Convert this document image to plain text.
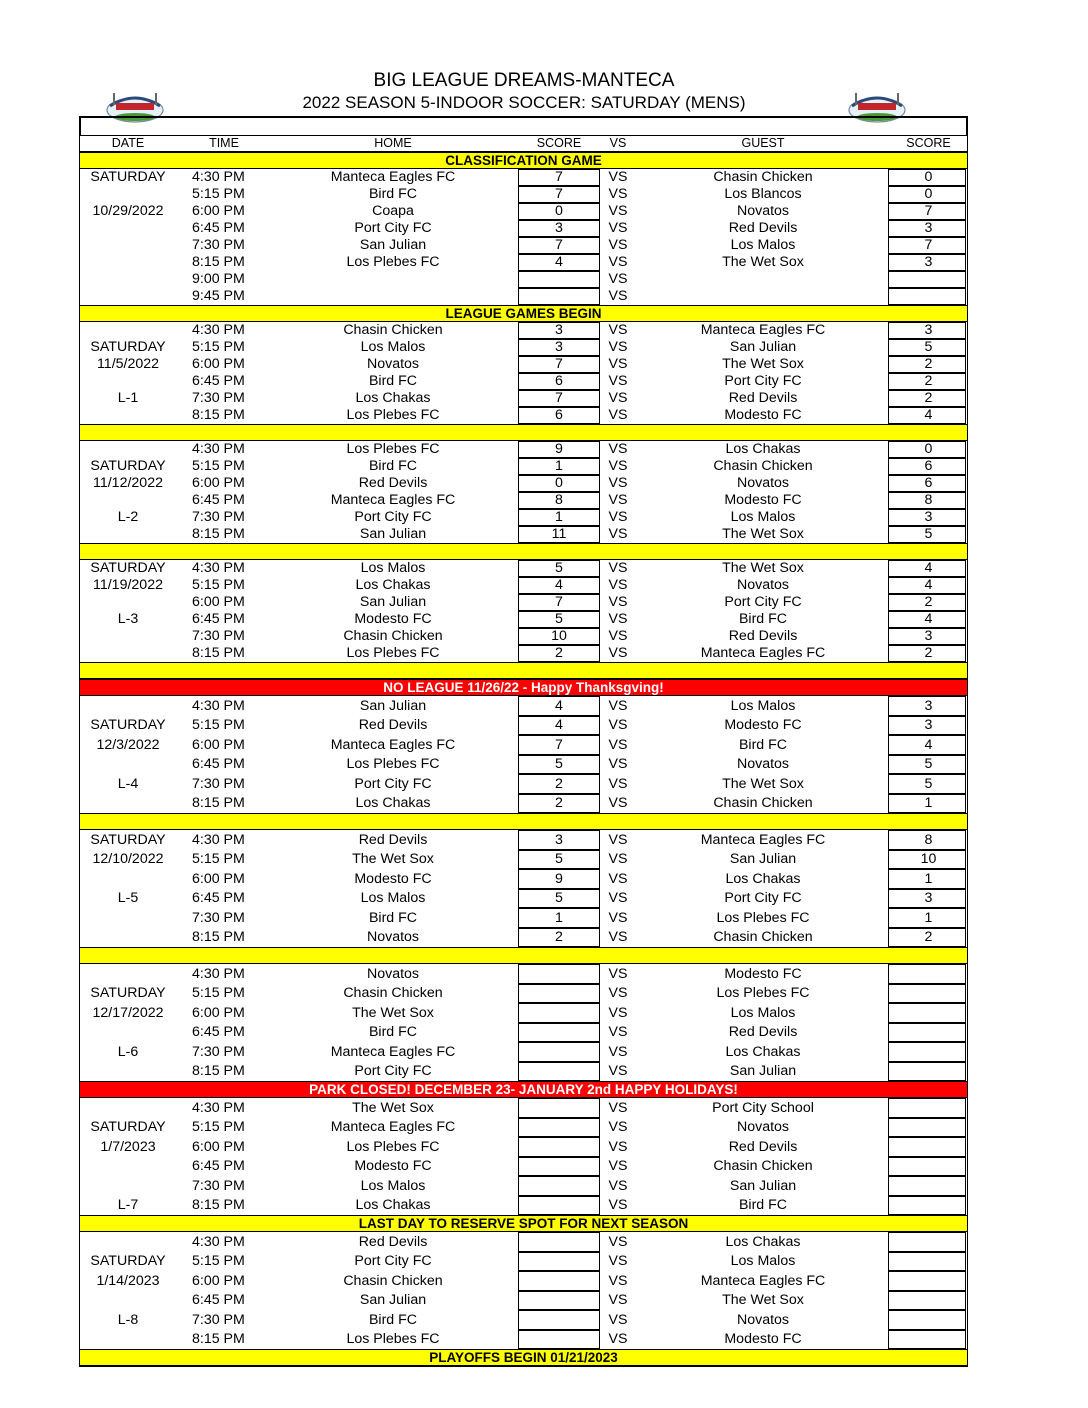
BIG LEAGUE DREAMS-MANTECA
2022 SEASON 5-INDOOR SOCCER: SATURDAY (MENS)
DATE	TIME	HOME	SCORE	VS	GUEST	SCORE
CLASSIFICATION GAME
SATURDAY	4:30 PM	Manteca Eagles FC	7	VS	Chasin Chicken	0
5:15 PM	Bird FC	7	VS	Los Blancos	0
10/29/2022	6:00 PM	Coapa	0	VS	Novatos	7
6:45 PM	Port City FC	3	VS	Red Devils	3
7:30 PM	San Julian	7	VS	Los Malos	7
8:15 PM	Los Plebes FC	4	VS	The Wet Sox	3
9:00 PM	VS
9:45 PM	VS
LEAGUE GAMES BEGIN
4:30 PM	Chasin Chicken	3	VS	Manteca Eagles FC	3
SATURDAY	5:15 PM	Los Malos	3	VS	San Julian	5
11/5/2022	6:00 PM	Novatos	7	VS	The Wet Sox	2
6:45 PM	Bird FC	6	VS	Port City FC	2
L-1	7:30 PM	Los Chakas	7	VS	Red Devils	2
8:15 PM	Los Plebes FC	6	VS	Modesto FC	4
4:30 PM	Los Plebes FC	9	VS	Los Chakas	0
SATURDAY	5:15 PM	Bird FC	1	VS	Chasin Chicken	6
11/12/2022	6:00 PM	Red Devils	0	VS	Novatos	6
6:45 PM	Manteca Eagles FC	8	VS	Modesto FC	8
L-2	7:30 PM	Port City FC	1	VS	Los Malos	3
8:15 PM	San Julian	11	VS	The Wet Sox	5
SATURDAY	4:30 PM	Los Malos	5	VS	The Wet Sox	4
11/19/2022	5:15 PM	Los Chakas	4	VS	Novatos	4
6:00 PM	San Julian	7	VS	Port City FC	2
L-3	6:45 PM	Modesto FC	5	VS	Bird FC	4
7:30 PM	Chasin Chicken	10	VS	Red Devils	3
8:15 PM	Los Plebes FC	2	VS	Manteca Eagles FC	2
NO LEAGUE 11/26/22 - Happy Thanksgving!
4:30 PM	San Julian	4	VS	Los Malos	3
SATURDAY	5:15 PM	Red Devils	4	VS	Modesto FC	3
12/3/2022	6:00 PM	Manteca Eagles FC	7	VS	Bird FC	4
6:45 PM	Los Plebes FC	5	VS	Novatos	5
L-4	7:30 PM	Port City FC	2	VS	The Wet Sox	5
8:15 PM	Los Chakas	2	VS	Chasin Chicken	1
SATURDAY	4:30 PM	Red Devils	3	VS	Manteca Eagles FC	8
12/10/2022	5:15 PM	The Wet Sox	5	VS	San Julian	10
6:00 PM	Modesto FC	9	VS	Los Chakas	1
L-5	6:45 PM	Los Malos	5	VS	Port City FC	3
7:30 PM	Bird FC	1	VS	Los Plebes FC	1
8:15 PM	Novatos	2	VS	Chasin Chicken	2
4:30 PM	Novatos	VS	Modesto FC
SATURDAY	5:15 PM	Chasin Chicken	VS	Los Plebes FC
12/17/2022	6:00 PM	The Wet Sox	VS	Los Malos
6:45 PM	Bird FC	VS	Red Devils
L-6	7:30 PM	Manteca Eagles FC	VS	Los Chakas
8:15 PM	Port City FC	VS	San Julian
PARK CLOSED! DECEMBER 23- JANUARY 2nd HAPPY HOLIDAYS!
4:30 PM	The Wet Sox	VS	Port City School
SATURDAY	5:15 PM	Manteca Eagles FC	VS	Novatos
1/7/2023	6:00 PM	Los Plebes FC	VS	Red Devils
6:45 PM	Modesto FC	VS	Chasin Chicken
7:30 PM	Los Malos	VS	San Julian
L-7	8:15 PM	Los Chakas	VS	Bird FC
LAST DAY TO RESERVE SPOT FOR NEXT SEASON
4:30 PM	Red Devils	VS	Los Chakas
SATURDAY	5:15 PM	Port City FC	VS	Los Malos
1/14/2023	6:00 PM	Chasin Chicken	VS	Manteca Eagles FC
6:45 PM	San Julian	VS	The Wet Sox
L-8	7:30 PM	Bird FC	VS	Novatos
8:15 PM	Los Plebes FC	VS	Modesto FC
PLAYOFFS BEGIN 01/21/2023
